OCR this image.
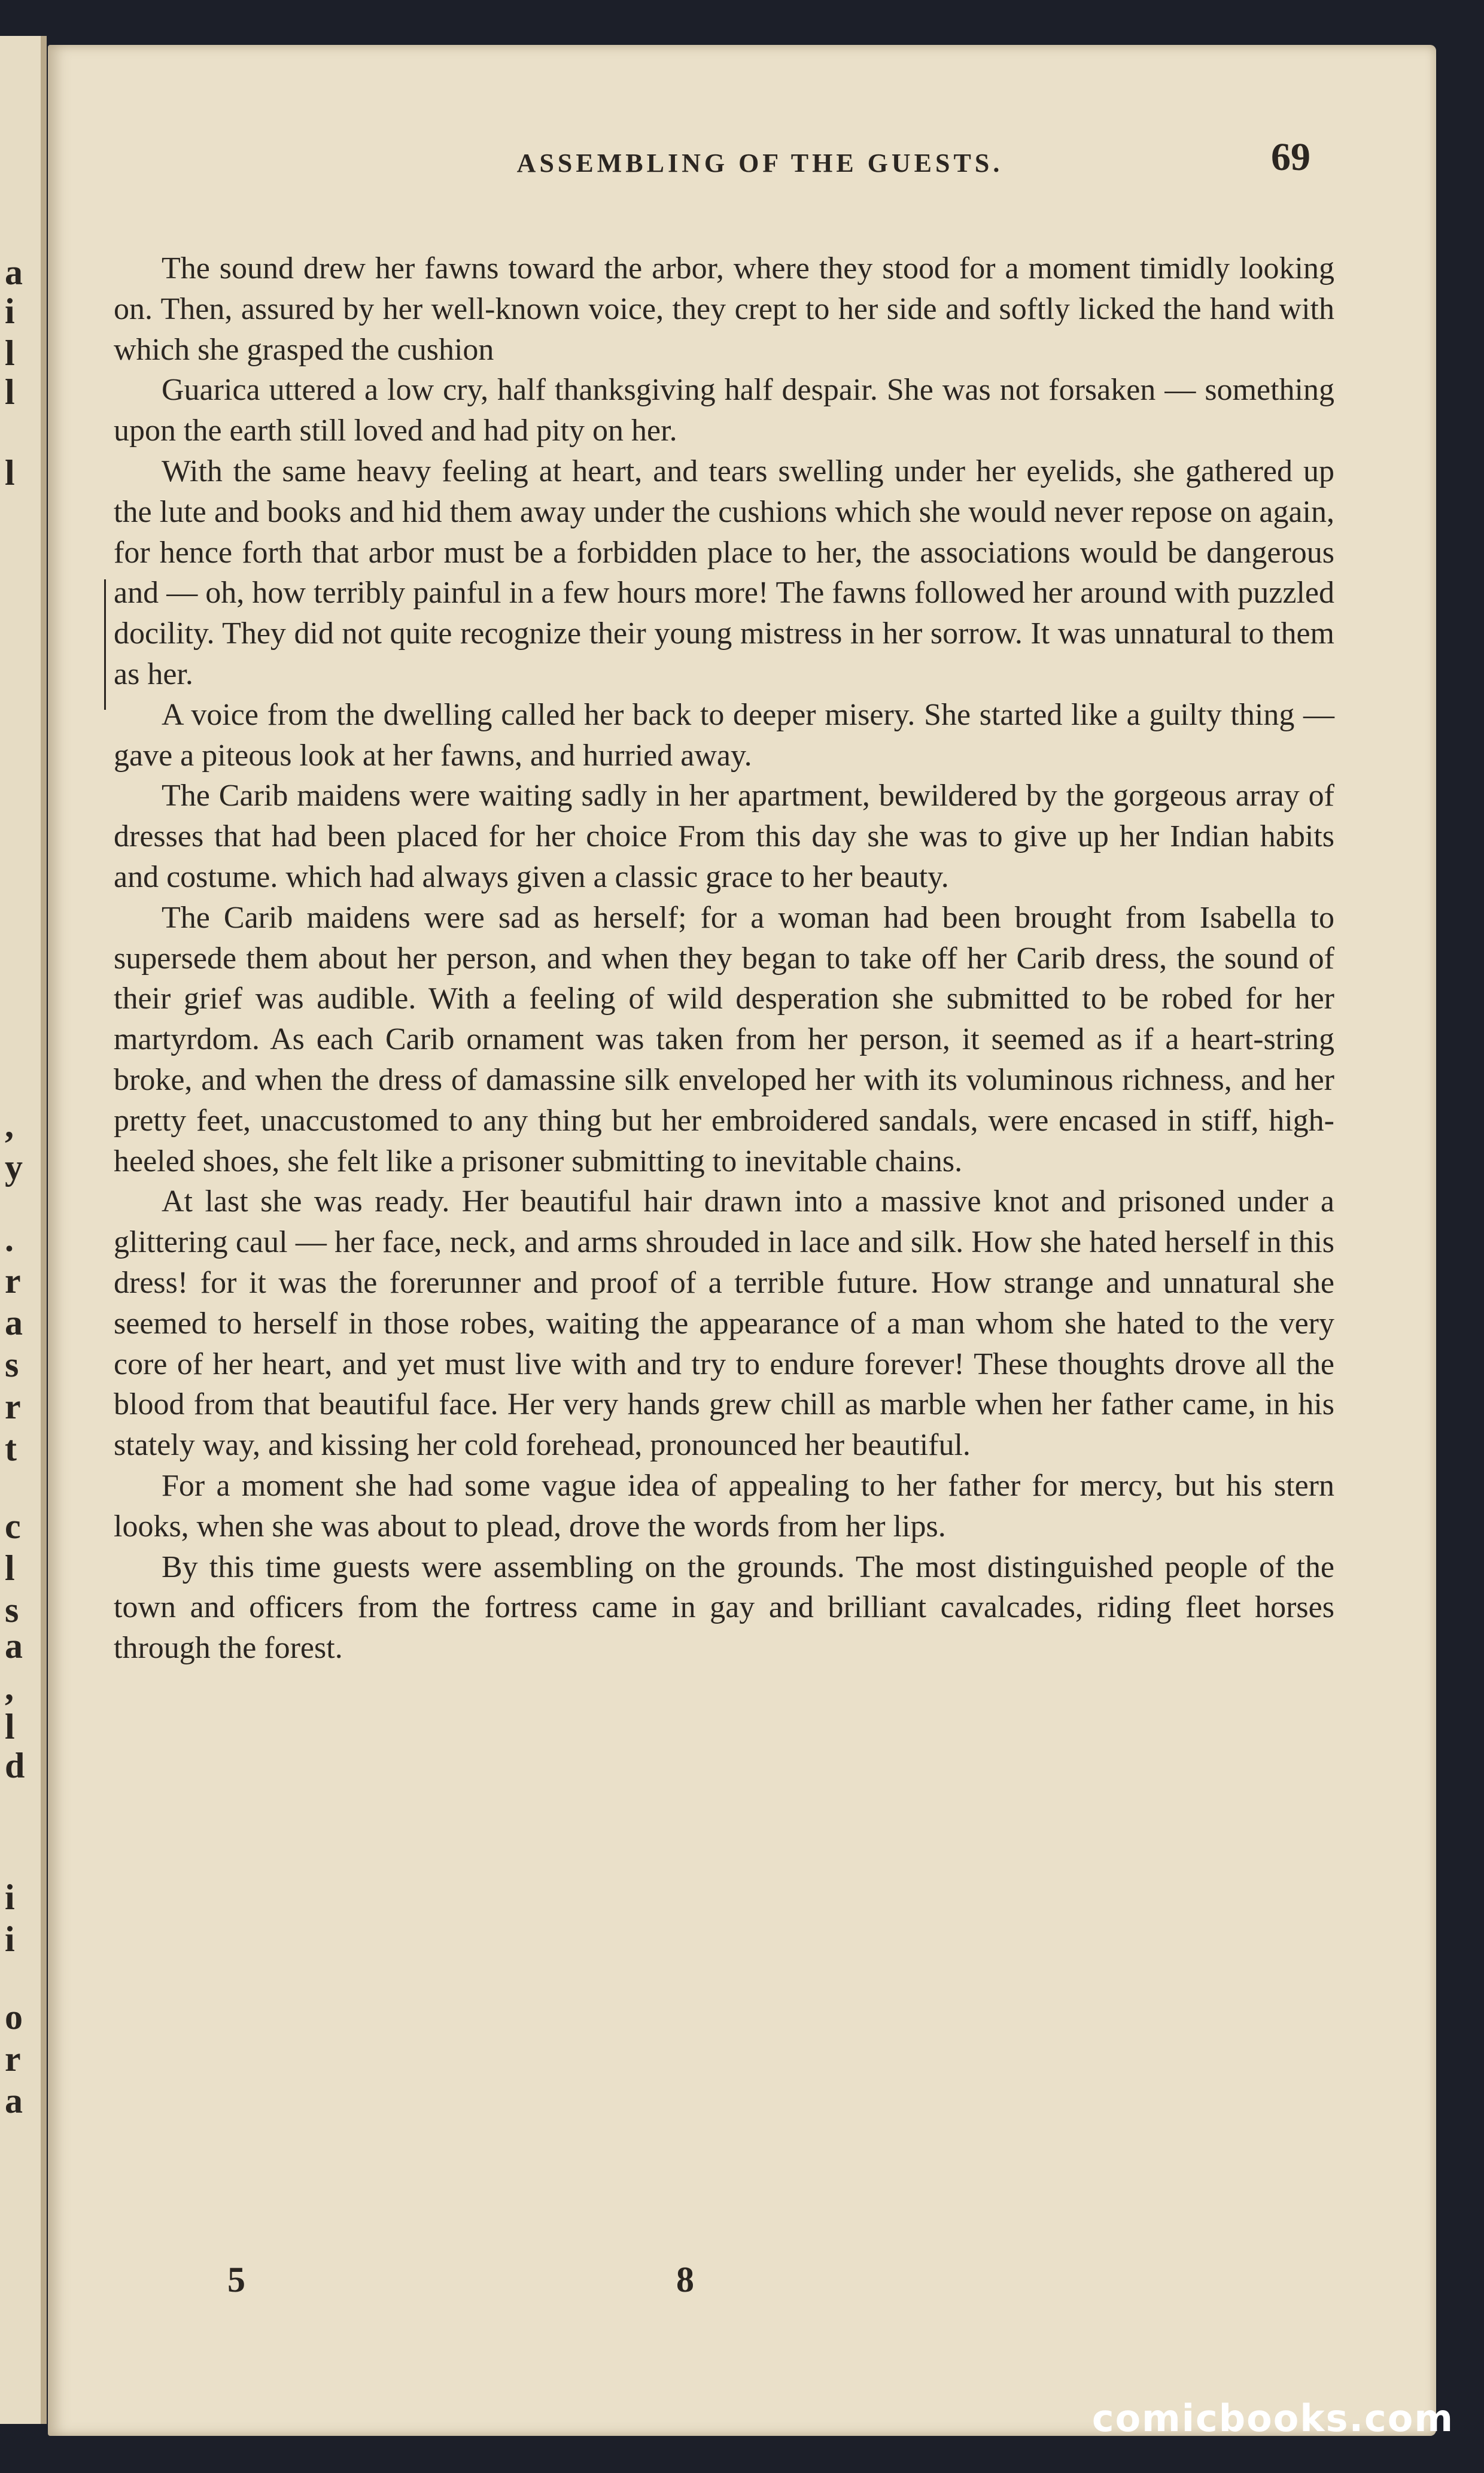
a
i
l
l
l
,
y
.
r
a
s
r
t
c
l
s
a
,
l
d
i
i
o
r
a
ASSEMBLING OF THE GUESTS.	69

The sound drew her fawns toward the arbor, where they stood for a moment timidly looking on. Then, assured by her well-known voice, they crept to her side and softly licked the hand with which she grasped the cushion

Guarica uttered a low cry, half thanksgiving half despair. She was not forsaken — something upon the earth still loved and had pity on her.

With the same heavy feeling at heart, and tears swelling under her eyelids, she gathered up the lute and books and hid them away under the cushions which she would never repose on again, for hence forth that arbor must be a forbidden place to her, the associations would be dangerous and — oh, how terribly painful in a few hours more! The fawns followed her around with puzzled docility. They did not quite recognize their young mistress in her sorrow. It was unnatural to them as her.

A voice from the dwelling called her back to deeper misery. She started like a guilty thing — gave a piteous look at her fawns, and hurried away.

The Carib maidens were waiting sadly in her apartment, bewildered by the gorgeous array of dresses that had been placed for her choice From this day she was to give up her Indian habits and costume. which had always given a classic grace to her beauty.

The Carib maidens were sad as herself; for a woman had been brought from Isabella to supersede them about her person, and when they began to take off her Carib dress, the sound of their grief was audible. With a feeling of wild desperation she submitted to be robed for her martyrdom. As each Carib ornament was taken from her person, it seemed as if a heart-string broke, and when the dress of damassine silk enveloped her with its voluminous richness, and her pretty feet, unaccustomed to any thing but her embroidered sandals, were encased in stiff, high-heeled shoes, she felt like a prisoner submitting to inevitable chains.

At last she was ready. Her beautiful hair drawn into a massive knot and prisoned under a glittering caul — her face, neck, and arms shrouded in lace and silk. How she hated herself in this dress! for it was the forerunner and proof of a terrible future. How strange and unnatural she seemed to herself in those robes, waiting the appearance of a man whom she hated to the very core of her heart, and yet must live with and try to endure forever! These thoughts drove all the blood from that beautiful face. Her very hands grew chill as marble when her father came, in his stately way, and kissing her cold forehead, pronounced her beautiful.

For a moment she had some vague idea of appealing to her father for mercy, but his stern looks, when she was about to plead, drove the words from her lips.

By this time guests were assembling on the grounds. The most distinguished people of the town and officers from the fortress came in gay and brilliant cavalcades, riding fleet horses through the forest.

5	8
comicbooks.com
